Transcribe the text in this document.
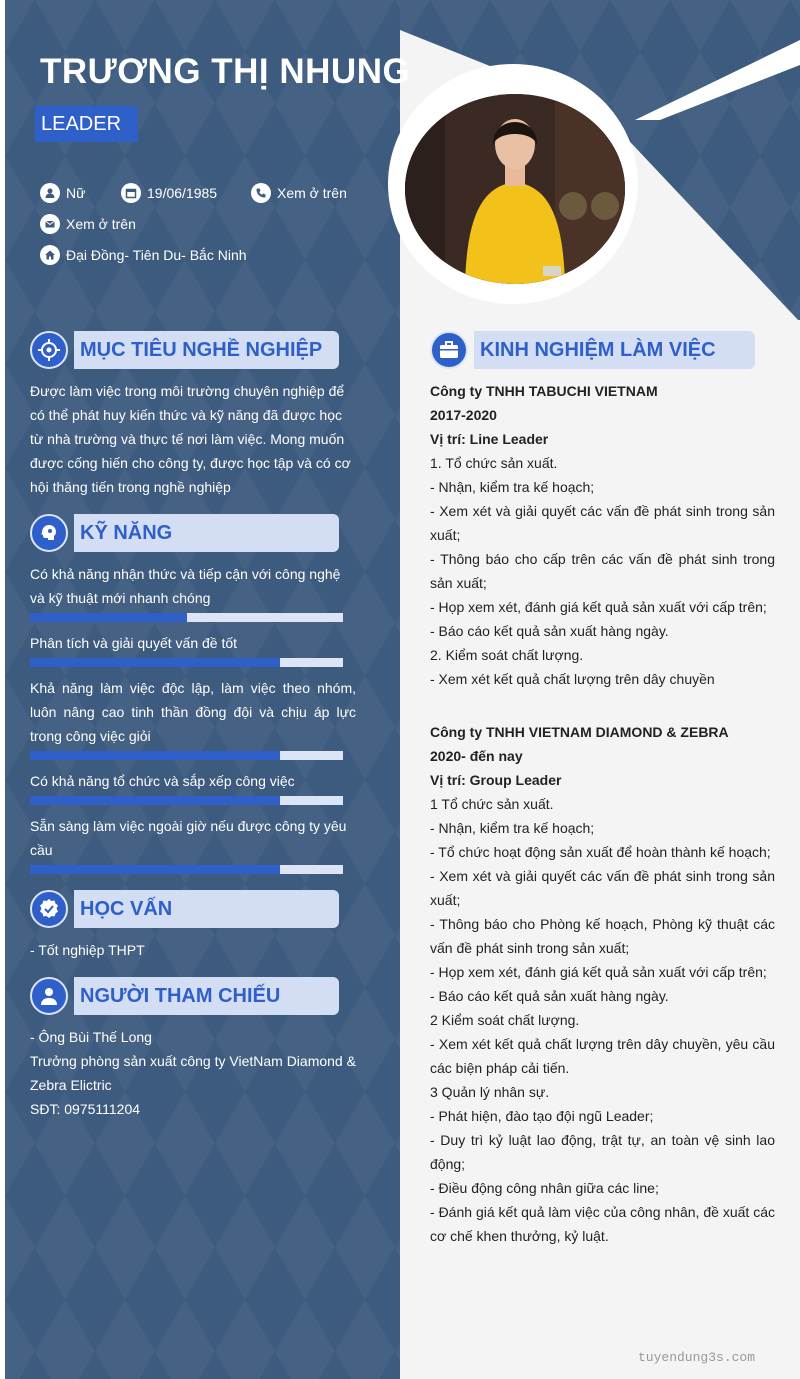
TRƯƠNG THỊ NHUNG
LEADER
Nữ	19/06/1985	Xem ở trên
Xem ở trên
Đại Đồng- Tiên Du- Bắc Ninh
MỤC TIÊU NGHỀ NGHIỆP
Được làm việc trong môi trường chuyên nghiệp để có thể phát huy kiến thức và kỹ năng đã được học từ nhà trường và thực tế nơi làm việc. Mong muốn được cống hiến cho công ty, được học tập và có cơ hội thăng tiến trong nghề nghiệp
KỸ NĂNG
Có khả năng nhận thức và tiếp cận với công nghệ và kỹ thuật mới nhanh chóng
Phân tích và giải quyết vấn đề tốt
Khả năng làm việc độc lập, làm việc theo nhóm, luôn nâng cao tinh thần đồng đội và chịu áp lực trong công việc giỏi
Có khả năng tổ chức và sắp xếp công việc
Sẵn sàng làm việc ngoài giờ nếu được công ty yêu cầu
HỌC VẤN
- Tốt nghiệp THPT
NGƯỜI THAM CHIẾU
- Ông Bùi Thế Long
Trưởng phòng sản xuất công ty VietNam Diamond & Zebra Elictric
SĐT: 0975111204
KINH NGHIỆM LÀM VIỆC
Công ty TNHH TABUCHI VIETNAM
2017-2020
Vị trí: Line Leader
1. Tổ chức sản xuất.
- Nhận, kiểm tra kế hoạch;
- Xem xét và giải quyết các vấn đề phát sinh trong sản xuất;
- Thông báo cho cấp trên các vấn đề phát sinh trong sản xuất;
- Họp xem xét, đánh giá kết quả sản xuất với cấp trên;
- Báo cáo kết quả sản xuất hàng ngày.
2. Kiểm soát chất lượng.
- Xem xét kết quả chất lượng trên dây chuyền
Công ty TNHH VIETNAM DIAMOND & ZEBRA
2020- đến nay
Vị trí: Group Leader
1 Tổ chức sản xuất.
- Nhận, kiểm tra kế hoạch;
- Tổ chức hoạt động sản xuất để hoàn thành kế hoạch;
- Xem xét và giải quyết các vấn đề phát sinh trong sản xuất;
- Thông báo cho Phòng kế hoạch, Phòng kỹ thuật các vấn đề phát sinh trong sản xuất;
- Họp xem xét, đánh giá kết quả sản xuất với cấp trên;
- Báo cáo kết quả sản xuất hàng ngày.
2 Kiểm soát chất lượng.
- Xem xét kết quả chất lượng trên dây chuyền, yêu cầu các biện pháp cải tiến.
3 Quản lý nhân sự.
- Phát hiện, đào tạo đội ngũ Leader;
- Duy trì kỷ luật lao động, trật tự, an toàn vệ sinh lao động;
- Điều động công nhân giữa các line;
- Đánh giá kết quả làm việc của công nhân, đề xuất các cơ chế khen thưởng, kỷ luật.
tuyendung3s.com
